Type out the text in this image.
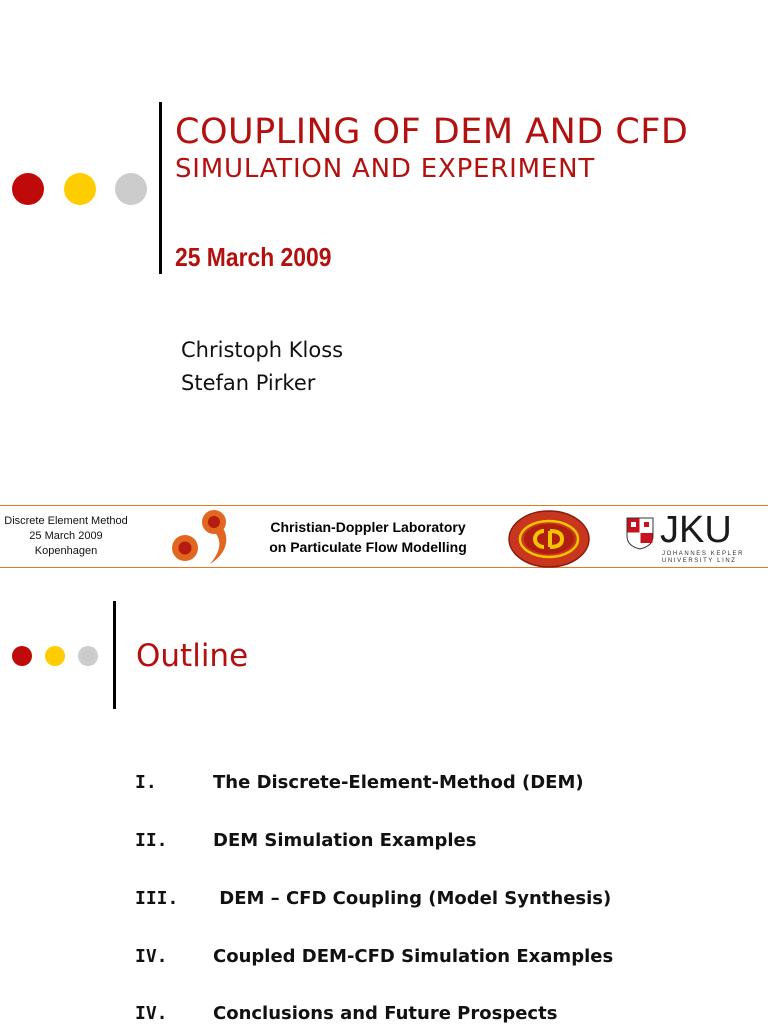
COUPLING OF DEM AND CFD
SIMULATION AND EXPERIMENT
25 March 2009
Christoph Kloss
Stefan Pirker
Discrete Element Method
25 March 2009
Kopenhagen
Christian-Doppler Laboratory
on Particulate Flow Modelling	JKU
JOHANNES KEPLER
UNIVERSITY LINZ
Outline
I.	The Discrete-Element-Method (DEM)
II.	DEM Simulation Examples
III. DEM – CFD Coupling (Model Synthesis)
IV.	Coupled DEM-CFD Simulation Examples
IV.	Conclusions and Future Prospects
